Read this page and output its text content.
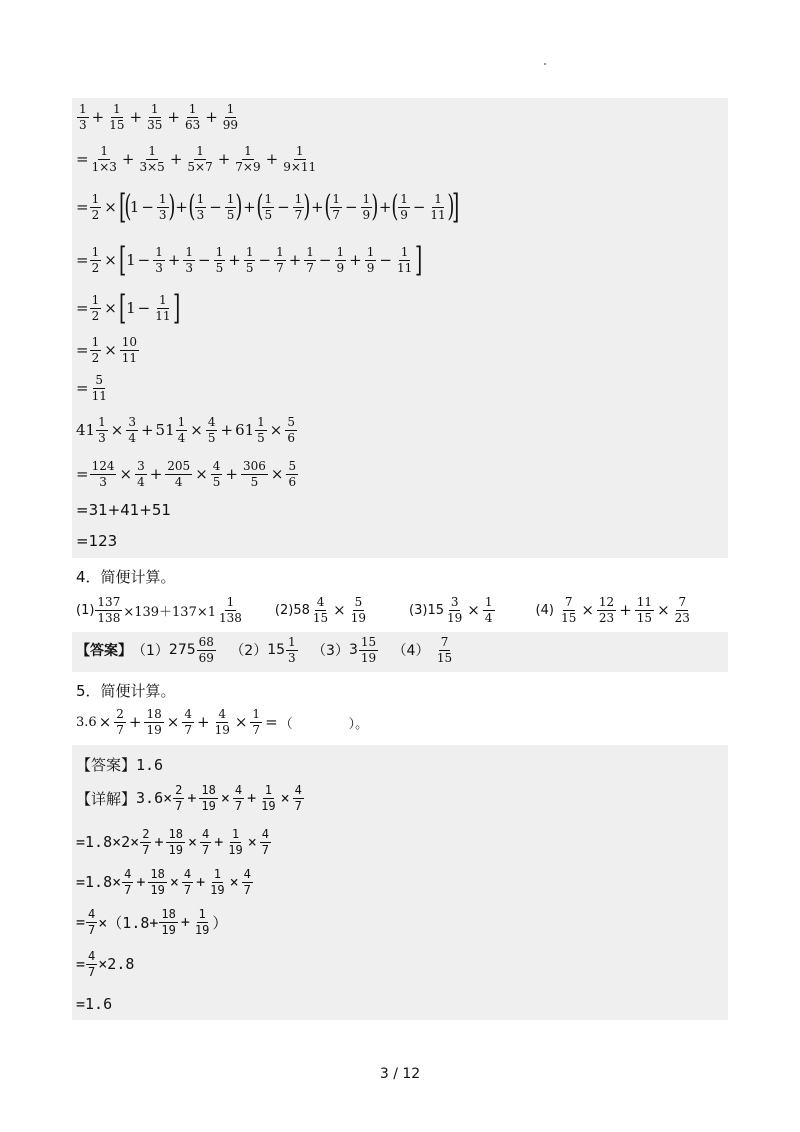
$\frac{1}{3} + \frac{1}{15} + \frac{1}{35} + \frac{1}{63} + \frac{1}{99}$
= $\frac{1}{1\times 3} + \frac{1}{3\times 5} + \frac{1}{5\times 7} + \frac{1}{7\times 9} + \frac{1}{9\times 11}$
= $\frac{1}{2}$ × [
(
$1 - \frac{1}{3}$ ) + ( $\frac{1}{3} - \frac{1}{5}$ ) + ( $\frac{1}{5} - \frac{1}{7}$ ) + ( $\frac{1}{7} - \frac{1}{9}$ ) + ( $\frac{1}{9} - \frac{1}{11}$ )
]
= $\frac{1}{2}$ × [ $1 - \frac{1}{3} + \frac{1}{3} - \frac{1}{5} + \frac{1}{5} - \frac{1}{7} + \frac{1}{7} - \frac{1}{9} + \frac{1}{9} - \frac{1}{11}$ ]
= $\frac{1}{2}$ × [ $1 - \frac{1}{11}$ ]
= $\frac{1}{2} \times \frac{10}{11}$
= $\frac{5}{11}$
$41 \frac{1}{3} \times \frac{3}{4} + 51 \frac{1}{4} \times \frac{4}{5} + 61 \frac{1}{5} \times \frac{5}{6}$
= $\frac{124}{3} \times \frac{3}{4} + \frac{205}{4} \times \frac{4}{5} + \frac{306}{5} \times \frac{5}{6}$
=31+41+51
=123
4．简便计算。
$(1) \frac{137}{138} \times 139+137\times 1 \frac{1}{138} (2)$ $58 \frac{4}{15} \times \frac{5}{19}$	(3) $15 \frac{3}{19} \times \frac{1}{4}$	(4)
$\frac{7}{15} \times \frac{12}{23} + \frac{11}{15} \times \frac{7}{23}$
【答案】 （1） $275 \frac{68}{69}$
（2） $15 \frac{1}{3}$
（3） $3 \frac{15}{19}$
（4）
$\frac{7}{15}$
5．简便计算。
$3.6 \times \frac{2}{7} + \frac{18}{19} \times \frac{4}{7} + \frac{4}{19} \times \frac{1}{7}$ = （	）。
【答案】1.6
【详解】 $3.6\times \frac{2}{7} + \frac{18}{19} \times \frac{4}{7} + \frac{1}{19} \times \frac{4}{7}$
$=1.8\times 2\times \frac{2}{7} + \frac{18}{19} \times \frac{4}{7} + \frac{1}{19} \times \frac{4}{7}$
$=1.8\times \frac{4}{7} + \frac{18}{19} \times \frac{4}{7} + \frac{1}{19} \times \frac{4}{7}$
= $\frac{4}{7} \times(1.8+ \frac{18}{19} + \frac{1}{19}$ ）
= $\frac{4}{7} \times 2.8$
=1.6
3 / 12
